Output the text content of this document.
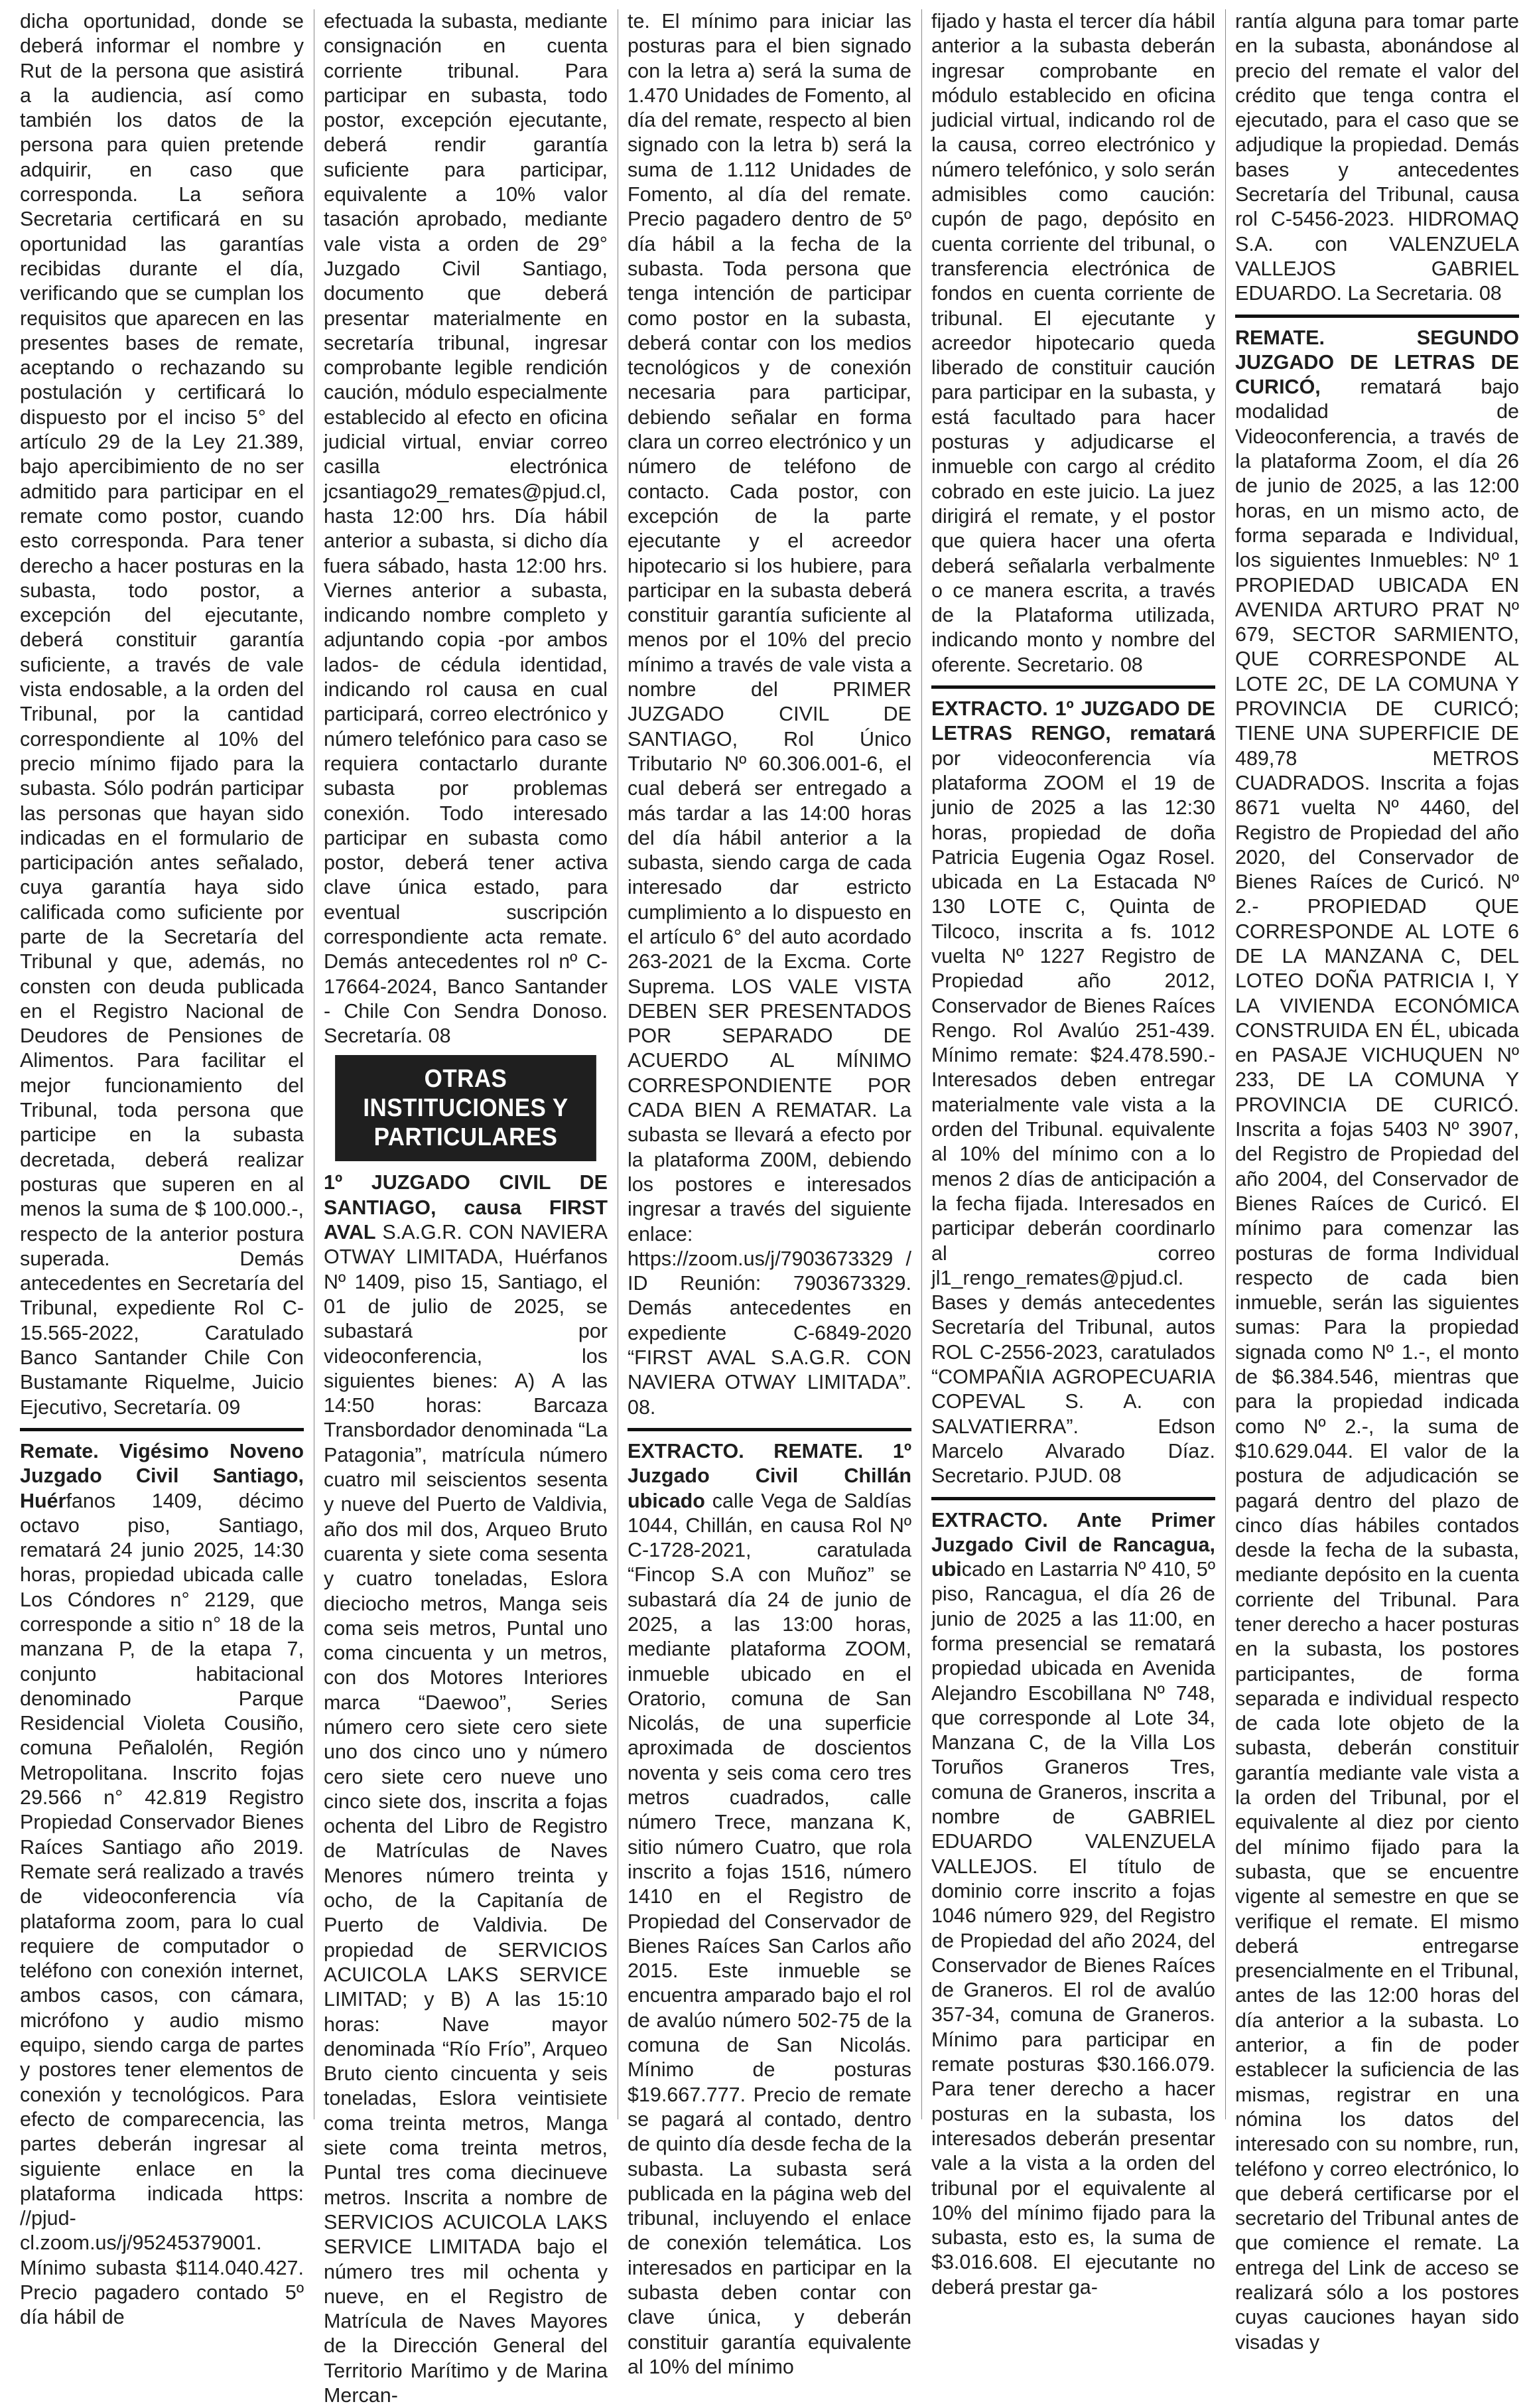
dicha oportunidad, donde se deberá informar el nombre y Rut de la persona que asistirá a la audiencia, así como también los datos de la persona para quien pretende adquirir, en caso que corresponda. La señora Secretaria certificará en su oportunidad las garantías recibidas durante el día, verificando que se cumplan los requisitos que aparecen en las presentes bases de remate, aceptando o rechazando su postulación y certificará lo dispuesto por el inciso 5° del artículo 29 de la Ley 21.389, bajo apercibimiento de no ser admitido para participar en el remate como postor, cuando esto corresponda. Para tener derecho a hacer posturas en la subasta, todo postor, a excepción del ejecutante, deberá constituir garantía suficiente, a través de vale vista endosable, a la orden del Tribunal, por la cantidad correspondiente al 10% del precio mínimo fijado para la subasta. Sólo podrán participar las personas que hayan sido indicadas en el formulario de participación antes señalado, cuya garantía haya sido calificada como suficiente por parte de la Secretaría del Tribunal y que, además, no consten con deuda publicada en el Registro Nacional de Deudores de Pensiones de Alimentos. Para facilitar el mejor funcionamiento del Tribunal, toda persona que participe en la subasta decretada, deberá realizar posturas que superen en al menos la suma de $ 100.000.-, respecto de la anterior postura superada. Demás antecedentes en Secretaría del Tribunal, expediente Rol C-15.565-2022, Caratulado Banco Santander Chile Con Bustamante Riquelme, Juicio Ejecutivo, Secretaría. 09

Remate. Vigésimo Noveno Juzgado Civil Santiago, Huérfanos 1409, décimo octavo piso, Santiago, rematará 24 junio 2025, 14:30 horas, propiedad ubicada calle Los Cóndores n° 2129, que corresponde a sitio n° 18 de la manzana P, de la etapa 7, conjunto habitacional denominado Parque Residencial Violeta Cousiño, comuna Peñalolén, Región Metropolitana. Inscrito fojas 29.566 n° 42.819 Registro Propiedad Conservador Bienes Raíces Santiago año 2019. Remate será realizado a través de videoconferencia vía plataforma zoom, para lo cual requiere de computador o teléfono con conexión internet, ambos casos, con cámara, micrófono y audio mismo equipo, siendo carga de partes y postores tener elementos de conexión y tecnológicos. Para efecto de comparecencia, las partes deberán ingresar al siguiente enlace en la plataforma indicada https: //pjud-cl.zoom.us/j/95245379001. Mínimo subasta $114.040.427. Precio pagadero contado 5º día hábil de

efectuada la subasta, mediante consignación en cuenta corriente tribunal. Para participar en subasta, todo postor, excepción ejecutante, deberá rendir garantía suficiente para participar, equivalente a 10% valor tasación aprobado, mediante vale vista a orden de 29° Juzgado Civil Santiago, documento que deberá presentar materialmente en secretaría tribunal, ingresar comprobante legible rendición caución, módulo especialmente establecido al efecto en oficina judicial virtual, enviar correo casilla electrónica jcsantiago29_remates@pjud.cl, hasta 12:00 hrs. Día hábil anterior a subasta, si dicho día fuera sábado, hasta 12:00 hrs. Viernes anterior a subasta, indicando nombre completo y adjuntando copia -por ambos lados- de cédula identidad, indicando rol causa en cual participará, correo electrónico y número telefónico para caso se requiera contactarlo durante subasta por problemas conexión. Todo interesado participar en subasta como postor, deberá tener activa clave única estado, para eventual suscripción correspondiente acta remate. Demás antecedentes rol nº C-17664-2024, Banco Santander - Chile Con Sendra Donoso. Secretaría. 08

OTRAS INSTITUCIONES Y PARTICULARES

1º JUZGADO CIVIL DE SANTIAGO, causa FIRST AVAL S.A.G.R. CON NAVIERA OTWAY LIMITADA, Huérfanos Nº 1409, piso 15, Santiago, el 01 de julio de 2025, se subastará por videoconferencia, los siguientes bienes: A) A las 14:50 horas: Barcaza Transbordador denominada “La Patagonia”, matrícula número cuatro mil seiscientos sesenta y nueve del Puerto de Valdivia, año dos mil dos, Arqueo Bruto cuarenta y siete coma sesenta y cuatro toneladas, Eslora dieciocho metros, Manga seis coma seis metros, Puntal uno coma cincuenta y un metros, con dos Motores Interiores marca “Daewoo”, Series número cero siete cero siete uno dos cinco uno y número cero siete cero nueve uno cinco siete dos, inscrita a fojas ochenta del Libro de Registro de Matrículas de Naves Menores número treinta y ocho, de la Capitanía de Puerto de Valdivia. De propiedad de SERVICIOS ACUICOLA LAKS SERVICE LIMITAD; y B) A las 15:10 horas: Nave mayor denominada “Río Frío”, Arqueo Bruto ciento cincuenta y seis toneladas, Eslora veintisiete coma treinta metros, Manga siete coma treinta metros, Puntal tres coma diecinueve metros. Inscrita a nombre de SERVICIOS ACUICOLA LAKS SERVICE LIMITADA bajo el número tres mil ochenta y nueve, en el Registro de Matrícula de Naves Mayores de la Dirección General del Territorio Marítimo y de Marina Mercan-

te. El mínimo para iniciar las posturas para el bien signado con la letra a) será la suma de 1.470 Unidades de Fomento, al día del remate, respecto al bien signado con la letra b) será la suma de 1.112 Unidades de Fomento, al día del remate. Precio pagadero dentro de 5º día hábil a la fecha de la subasta. Toda persona que tenga intención de participar como postor en la subasta, deberá contar con los medios tecnológicos y de conexión necesaria para participar, debiendo señalar en forma clara un correo electrónico y un número de teléfono de contacto. Cada postor, con excepción de la parte ejecutante y el acreedor hipotecario si los hubiere, para participar en la subasta deberá constituir garantía suficiente al menos por el 10% del precio mínimo a través de vale vista a nombre del PRIMER JUZGADO CIVIL DE SANTIAGO, Rol Único Tributario Nº 60.306.001-6, el cual deberá ser entregado a más tardar a las 14:00 horas del día hábil anterior a la subasta, siendo carga de cada interesado dar estricto cumplimiento a lo dispuesto en el artículo 6° del auto acordado 263-2021 de la Excma. Corte Suprema. LOS VALE VISTA DEBEN SER PRESENTADOS POR SEPARADO DE ACUERDO AL MÍNIMO CORRESPONDIENTE POR CADA BIEN A REMATAR. La subasta se llevará a efecto por la plataforma Z00M, debiendo los postores e interesados ingresar a través del siguiente enlace: https://zoom.us/j/7903673329 / ID Reunión: 7903673329. Demás antecedentes en expediente C-6849-2020 “FIRST AVAL S.A.G.R. CON NAVIERA OTWAY LIMITADA”. 08.

EXTRACTO. REMATE. 1º Juzgado Civil Chillán ubicado calle Vega de Saldías 1044, Chillán, en causa Rol Nº C-1728-2021, caratulada “Fincop S.A con Muñoz” se subastará día 24 de junio de 2025, a las 13:00 horas, mediante plataforma ZOOM, inmueble ubicado en el Oratorio, comuna de San Nicolás, de una superficie aproximada de doscientos noventa y seis coma cero tres metros cuadrados, calle número Trece, manzana K, sitio número Cuatro, que rola inscrito a fojas 1516, número 1410 en el Registro de Propiedad del Conservador de Bienes Raíces San Carlos año 2015. Este inmueble se encuentra amparado bajo el rol de avalúo número 502-75 de la comuna de San Nicolás. Mínimo de posturas $19.667.777. Precio de remate se pagará al contado, dentro de quinto día desde fecha de la subasta. La subasta será publicada en la página web del tribunal, incluyendo el enlace de conexión telemática. Los interesados en participar en la subasta deben contar con clave única, y deberán constituir garantía equivalente al 10% del mínimo

fijado y hasta el tercer día hábil anterior a la subasta deberán ingresar comprobante en módulo establecido en oficina judicial virtual, indicando rol de la causa, correo electrónico y número telefónico, y solo serán admisibles como caución: cupón de pago, depósito en cuenta corriente del tribunal, o transferencia electrónica de fondos en cuenta corriente de tribunal. El ejecutante y acreedor hipotecario queda liberado de constituir caución para participar en la subasta, y está facultado para hacer posturas y adjudicarse el inmueble con cargo al crédito cobrado en este juicio. La juez dirigirá el remate, y el postor que quiera hacer una oferta deberá señalarla verbalmente o ce manera escrita, a través de la Plataforma utilizada, indicando monto y nombre del oferente. Secretario. 08

EXTRACTO. 1º JUZGADO DE LETRAS RENGO, rematará por videoconferencia vía plataforma ZOOM el 19 de junio de 2025 a las 12:30 horas, propiedad de doña Patricia Eugenia Ogaz Rosel. ubicada en La Estacada Nº 130 LOTE C, Quinta de Tilcoco, inscrita a fs. 1012 vuelta Nº 1227 Registro de Propiedad año 2012, Conservador de Bienes Raíces Rengo. Rol Avalúo 251-439. Mínimo remate: $24.478.590.- Interesados deben entregar materialmente vale vista a la orden del Tribunal. equivalente al 10% del mínimo con a lo menos 2 días de anticipación a la fecha fijada. Interesados en participar deberán coordinarlo al correo jl1_rengo_remates@pjud.cl. Bases y demás antecedentes Secretaría del Tribunal, autos ROL C-2556-2023, caratulados “COMPAÑIA AGROPECUARIA COPEVAL S. A. con SALVATIERRA”. Edson Marcelo Alvarado Díaz. Secretario. PJUD. 08

EXTRACTO. Ante Primer Juzgado Civil de Rancagua, ubicado en Lastarria Nº 410, 5º piso, Rancagua, el día 26 de junio de 2025 a las 11:00, en forma presencial se rematará propiedad ubicada en Avenida Alejandro Escobillana Nº 748, que corresponde al Lote 34, Manzana C, de la Villa Los Toruños Graneros Tres, comuna de Graneros, inscrita a nombre de GABRIEL EDUARDO VALENZUELA VALLEJOS. El título de dominio corre inscrito a fojas 1046 número 929, del Registro de Propiedad del año 2024, del Conservador de Bienes Raíces de Graneros. El rol de avalúo 357-34, comuna de Graneros. Mínimo para participar en remate posturas $30.166.079. Para tener derecho a hacer posturas en la subasta, los interesados deberán presentar vale a la vista a la orden del tribunal por el equivalente al 10% del mínimo fijado para la subasta, esto es, la suma de $3.016.608. El ejecutante no deberá prestar ga-

rantía alguna para tomar parte en la subasta, abonándose al precio del remate el valor del crédito que tenga contra el ejecutado, para el caso que se adjudique la propiedad. Demás bases y antecedentes Secretaría del Tribunal, causa rol C-5456-2023. HIDROMAQ S.A. con VALENZUELA VALLEJOS GABRIEL EDUARDO. La Secretaria. 08

REMATE. SEGUNDO JUZGADO DE LETRAS DE CURICÓ, rematará bajo modalidad de Videoconferencia, a través de la plataforma Zoom, el día 26 de junio de 2025, a las 12:00 horas, en un mismo acto, de forma separada e Individual, los siguientes Inmuebles: Nº 1 PROPIEDAD UBICADA EN AVENIDA ARTURO PRAT Nº 679, SECTOR SARMIENTO, QUE CORRESPONDE AL LOTE 2C, DE LA COMUNA Y PROVINCIA DE CURICÓ; TIENE UNA SUPERFICIE DE 489,78 METROS CUADRADOS. Inscrita a fojas 8671 vuelta Nº 4460, del Registro de Propiedad del año 2020, del Conservador de Bienes Raíces de Curicó. Nº 2.- PROPIEDAD QUE CORRESPONDE AL LOTE 6 DE LA MANZANA C, DEL LOTEO DOÑA PATRICIA I, Y LA VIVIENDA ECONÓMICA CONSTRUIDA EN ÉL, ubicada en PASAJE VICHUQUEN Nº 233, DE LA COMUNA Y PROVINCIA DE CURICÓ. Inscrita a fojas 5403 Nº 3907, del Registro de Propiedad del año 2004, del Conservador de Bienes Raíces de Curicó. El mínimo para comenzar las posturas de forma Individual respecto de cada bien inmueble, serán las siguientes sumas: Para la propiedad signada como Nº 1.-, el monto de $6.384.546, mientras que para la propiedad indicada como Nº 2.-, la suma de $10.629.044. El valor de la postura de adjudicación se pagará dentro del plazo de cinco días hábiles contados desde la fecha de la subasta, mediante depósito en la cuenta corriente del Tribunal. Para tener derecho a hacer posturas en la subasta, los postores participantes, de forma separada e individual respecto de cada lote objeto de la subasta, deberán constituir garantía mediante vale vista a la orden del Tribunal, por el equivalente al diez por ciento del mínimo fijado para la subasta, que se encuentre vigente al semestre en que se verifique el remate. El mismo deberá entregarse presencialmente en el Tribunal, antes de las 12:00 horas del día anterior a la subasta. Lo anterior, a fin de poder establecer la suficiencia de las mismas, registrar en una nómina los datos del interesado con su nombre, run, teléfono y correo electrónico, lo que deberá certificarse por el secretario del Tribunal antes de que comience el remate. La entrega del Link de acceso se realizará sólo a los postores cuyas cauciones hayan sido visadas y
